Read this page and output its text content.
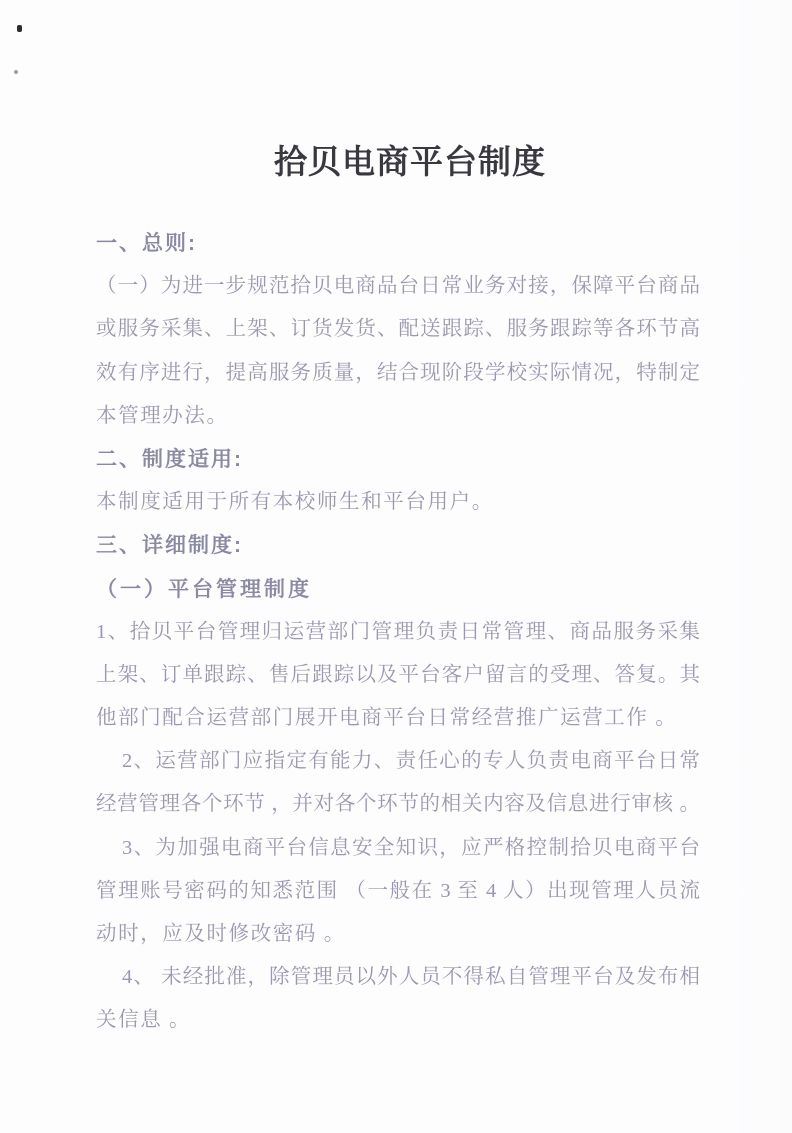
拾贝电商平台制度
一、总则:
（一）为进一步规范拾贝电商品台日常业务对接，保障平台商品
或服务采集、上架、订货发货、配送跟踪、服务跟踪等各环节高
效有序进行，提高服务质量，结合现阶段学校实际情况，特制定
本管理办法。
二、制度适用:
本制度适用于所有本校师生和平台用户。
三、详细制度:
（一）平台管理制度
1、拾贝平台管理归运营部门管理负责日常管理、商品服务采集
上架、订单跟踪、售后跟踪以及平台客户留言的受理、答复。其
他部门配合运营部门展开电商平台日常经营推广运营工作 。
2、运营部门应指定有能力、责任心的专人负责电商平台日常
经营管理各个环节 ，并对各个环节的相关内容及信息进行审核 。
3、为加强电商平台信息安全知识，应严格控制拾贝电商平台
管理账号密码的知悉范围 （一般在 3 至 4 人）出现管理人员流
动时，应及时修改密码 。
4、 未经批准，除管理员以外人员不得私自管理平台及发布相
关信息 。
